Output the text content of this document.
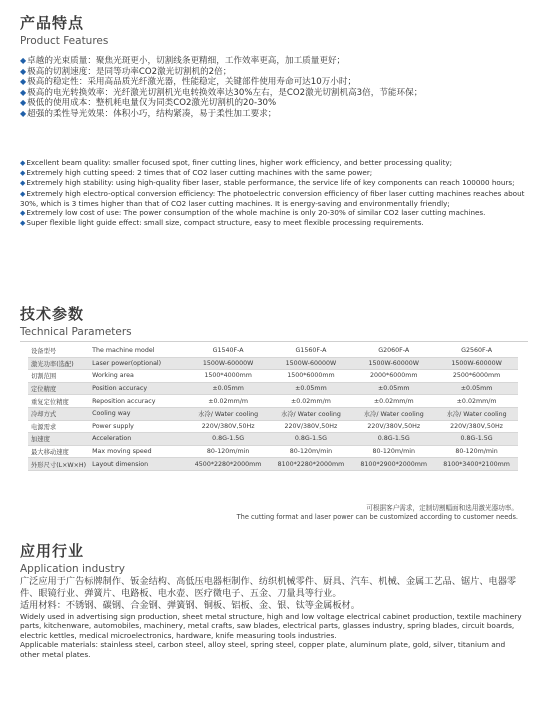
产品特点
Product Features
◆卓越的光束质量：聚焦光斑更小，切割线条更精细，工作效率更高，加工质量更好；
◆极高的切割速度：是同等功率CO2激光切割机的2倍；
◆极高的稳定性：采用高品质光纤激光器，性能稳定，关键部件使用寿命可达10万小时；
◆极高的电光转换效率：光纤激光切割机光电转换效率达30%左右，是CO2激光切割机高3倍，节能环保；
◆极低的使用成本：整机耗电量仅为同类CO2激光切割机的20-30%
◆超强的柔性导光效果：体积小巧，结构紧凑，易于柔性加工要求；
◆Excellent beam quality: smaller focused spot, finer cutting lines, higher work efficiency, and better processing quality;
◆Extremely high cutting speed: 2 times that of CO2 laser cutting machines with the same power;
◆Extremely high stability: using high-quality fiber laser, stable performance, the service life of key components can reach 100000 hours;
◆Extremely high electro-optical conversion efficiency: The photoelectric conversion efficiency of fiber laser cutting machines reaches about 30%, which is 3 times higher than that of CO2 laser cutting machines. It is energy-saving and environmentally friendly;
◆Extremely low cost of use: The power consumption of the whole machine is only 20-30% of similar CO2 laser cutting machines.
◆Super flexible light guide effect: small size, compact structure, easy to meet flexible processing requirements.
技术参数
Technical Parameters
设备型号	The machine model	G1540F-A	G1560F-A	G2060F-A	G2560F-A
激光功率(选配)	Laser power(optional)	1500W-60000W	1500W-60000W	1500W-60000W	1500W-60000W
切割范围	Working area	1500*4000mm	1500*6000mm	2000*6000mm	2500*6000mm
定位精度	Position accuracy	±0.05mm	±0.05mm	±0.05mm	±0.05mm
重复定位精度	Reposition accuracy	±0.02mm/m	±0.02mm/m	±0.02mm/m	±0.02mm/m
冷却方式	Cooling way	水冷/ Water cooling	水冷/ Water cooling	水冷/ Water cooling	水冷/ Water cooling
电源需求	Power supply	220V/380V,50Hz	220V/380V,50Hz	220V/380V,50Hz	220V/380V,50Hz
加速度	Acceleration	0.8G-1.5G	0.8G-1.5G	0.8G-1.5G	0.8G-1.5G
最大移动速度	Max moving speed	80-120m/min	80-120m/min	80-120m/min	80-120m/min
外形尺寸(L×W×H)	Layout dimension	4500*2280*2000mm	8100*2280*2000mm	8100*2900*2000mm	8100*3400*2100mm
可根据客户需求，定制切割幅面和选用激光器功率。
The cutting format and laser power can be customized according to customer needs.
应用行业
Application industry
广泛应用于广告标牌制作、钣金结构、高低压电器柜制作、纺织机械零件、厨具、汽车、机械、金属工艺品、锯片、电器零件、眼镜行业、弹簧片、电路板、电水壶、医疗微电子、五金、刀量具等行业。
适用材料：不锈钢、碳钢、合金钢、弹簧钢、铜板、铝板、金、银、钛等金属板材。
Widely used in advertising sign production, sheet metal structure, high and low voltage electrical cabinet production, textile machinery parts, kitchenware, automobiles, machinery, metal crafts, saw blades, electrical parts, glasses industry, spring blades, circuit boards, electric kettles, medical microelectronics, hardware, knife measuring tools industries.
Applicable materials: stainless steel, carbon steel, alloy steel, spring steel, copper plate, aluminum plate, gold, silver, titanium and other metal plates.
